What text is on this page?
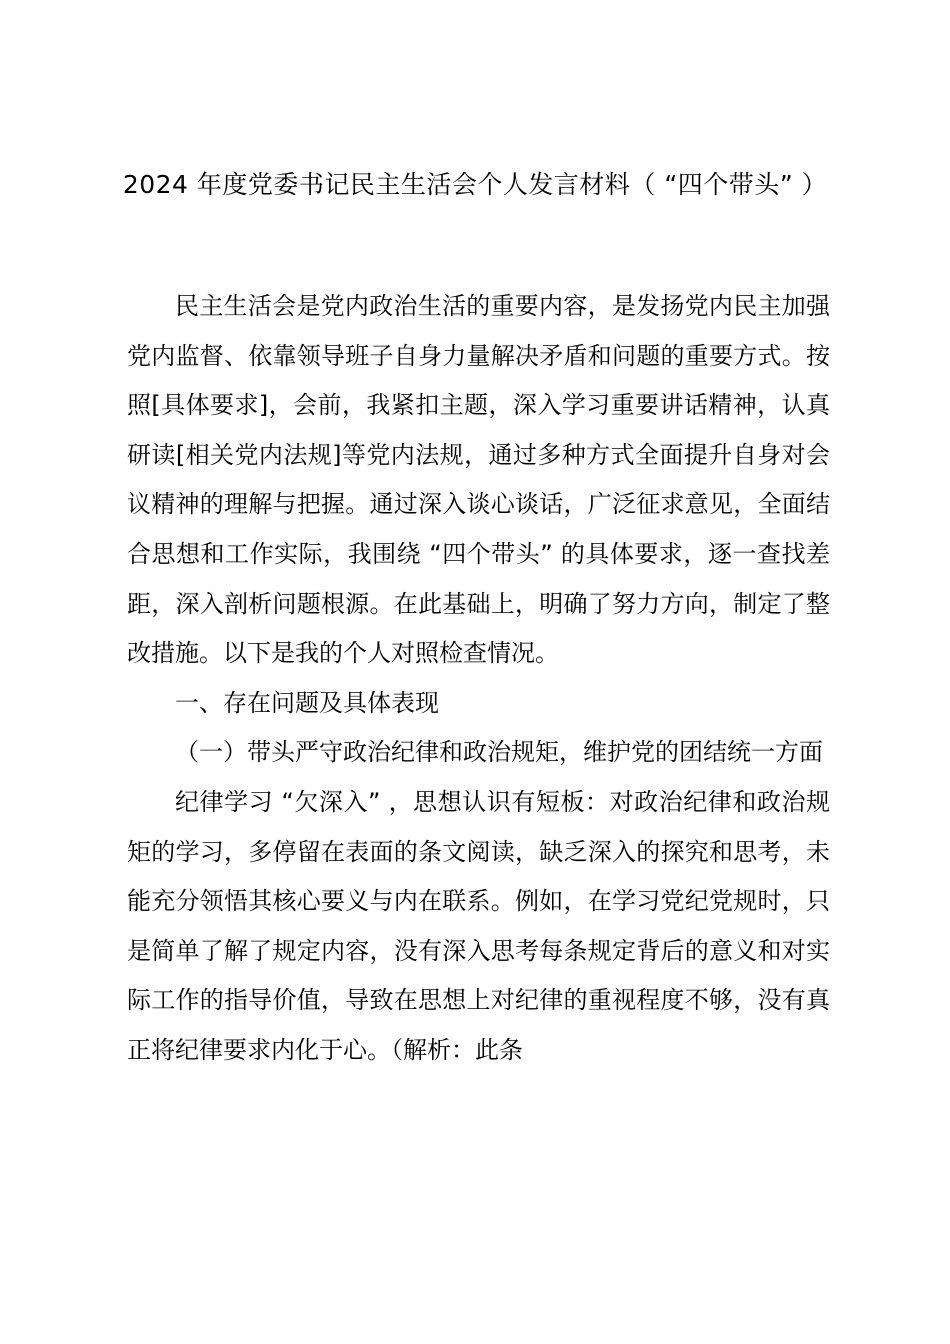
2024 年度党委书记民主生活会个人发言材料（ “四个带头” ）

民主生活会是党内政治生活的重要内容，是发扬党内民主加强党内监督、依靠领导班子自身力量解决矛盾和问题的重要方式。按照[具体要求]，会前，我紧扣主题，深入学习重要讲话精神，认真研读[相关党内法规]等党内法规，通过多种方式全面提升自身对会议精神的理解与把握。通过深入谈心谈话，广泛征求意见，全面结合思想和工作实际，我围绕 “四个带头” 的具体要求，逐一查找差距，深入剖析问题根源。在此基础上，明确了努力方向，制定了整改措施。以下是我的个人对照检查情况。

一、存在问题及具体表现

（一）带头严守政治纪律和政治规矩，维护党的团结统一方面

纪律学习 “欠深入” ，思想认识有短板：对政治纪律和政治规矩的学习，多停留在表面的条文阅读，缺乏深入的探究和思考，未能充分领悟其核心要义与内在联系。例如，在学习党纪党规时，只是简单了解了规定内容，没有深入思考每条规定背后的意义和对实际工作的指导价值，导致在思想上对纪律的重视程度不够，没有真正将纪律要求内化于心。（解析：此条
